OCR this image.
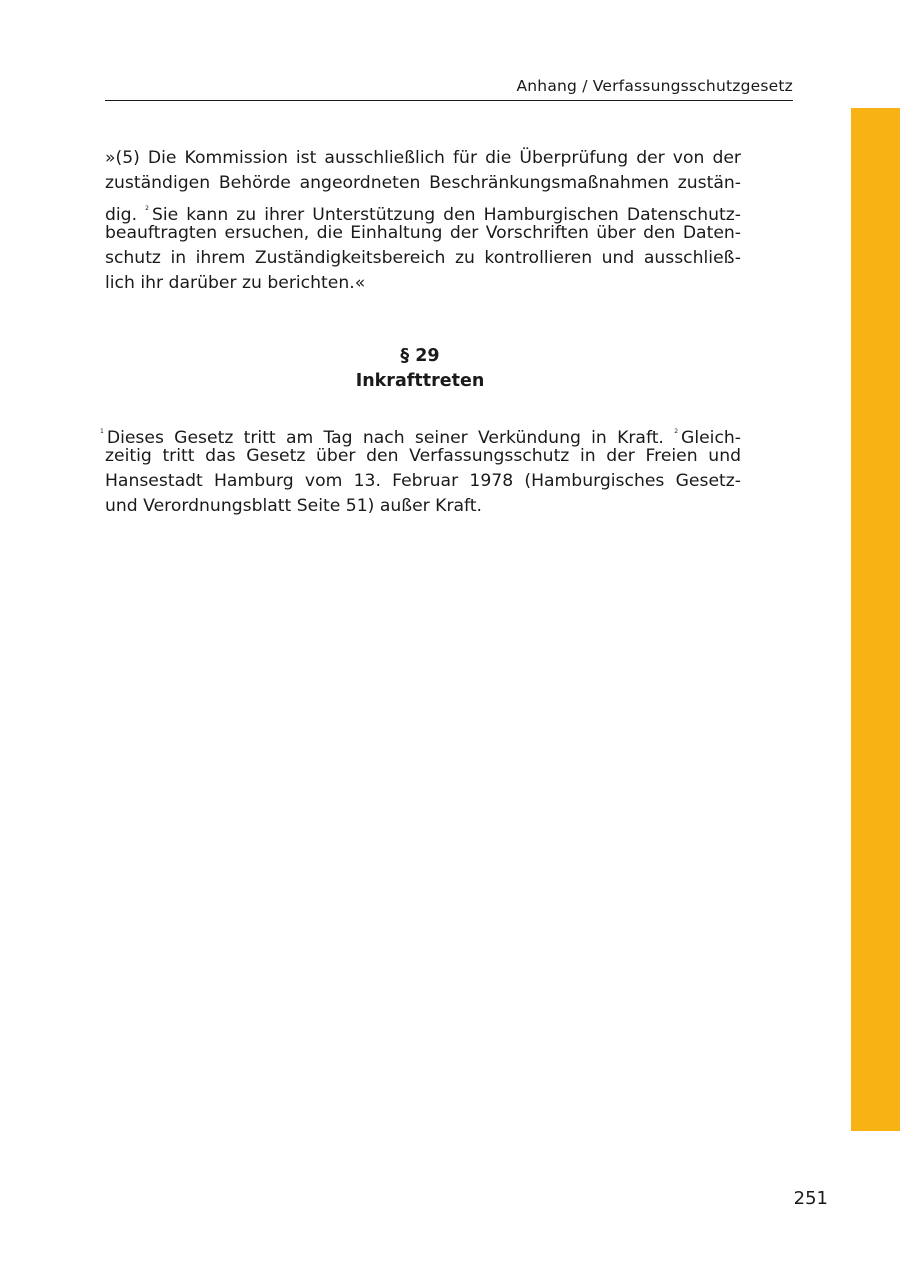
Anhang / Verfassungsschutzgesetz
»(5) Die Kommission ist ausschließlich für die Überprüfung der von der
zuständigen Behörde angeordneten Beschränkungsmaßnahmen zustän-
dig. $^2$ Sie kann zu ihrer Unterstützung den Hamburgischen Datenschutz-
beauftragten ersuchen, die Einhaltung der Vorschriften über den Daten-
schutz in ihrem Zuständigkeitsbereich zu kontrollieren und ausschließ-
lich ihr darüber zu berichten.«
§ 29
Inkrafttreten
$^1$ Dieses Gesetz tritt am Tag nach seiner Verkündung in Kraft. $^2$ Gleich-
zeitig tritt das Gesetz über den Verfassungsschutz in der Freien und
Hansestadt Hamburg vom 13. Februar 1978 (Hamburgisches Gesetz-
und Verordnungsblatt Seite 51) außer Kraft.
251
